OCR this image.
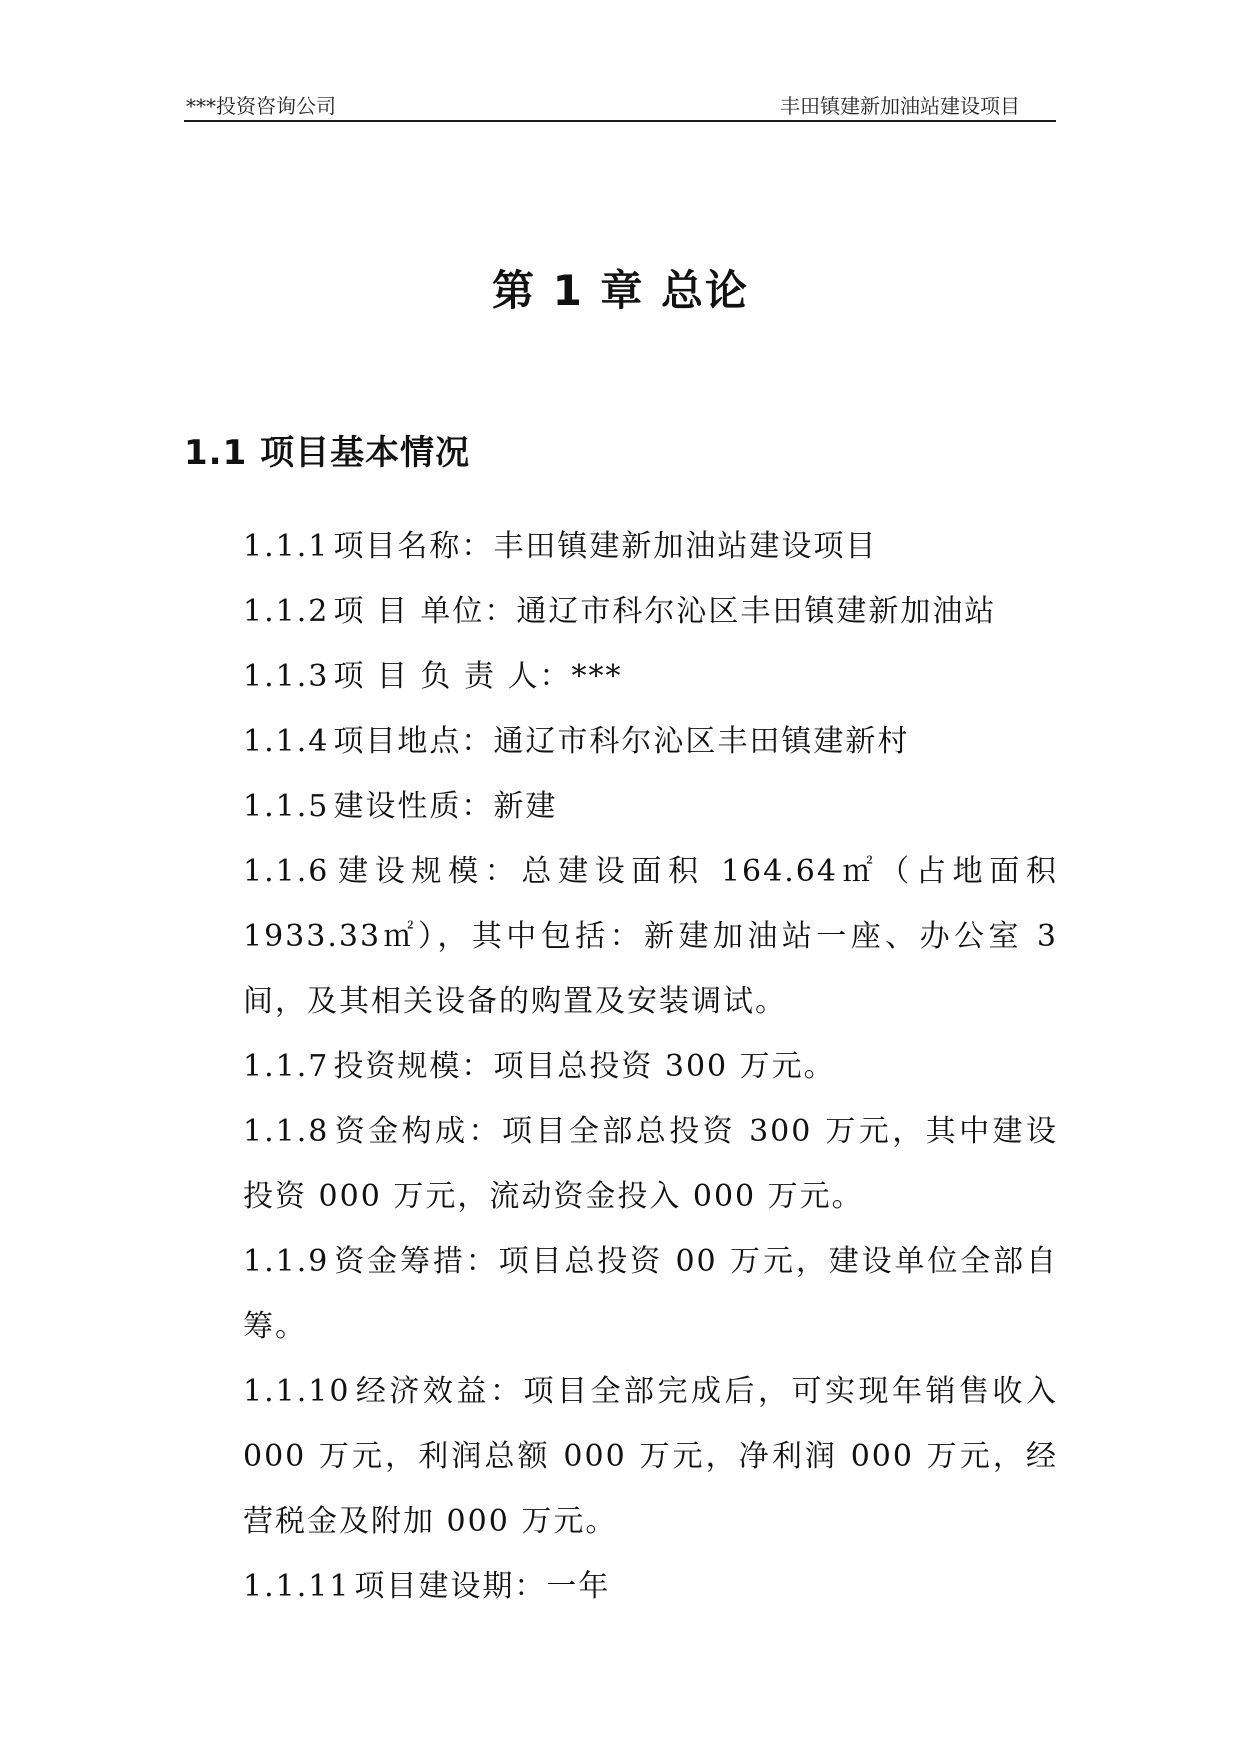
***投资咨询公司	丰田镇建新加油站建设项目
第 1 章 总论
1.1 项目基本情况

1.1.1 项目名称：丰田镇建新加油站建设项目

1.1.2 项 目 单位：通辽市科尔沁区丰田镇建新加油站

1.1.3 项 目 负 责 人：***

1.1.4 项目地点：通辽市科尔沁区丰田镇建新村

1.1.5 建设性质：新建

1.1.6 建设规模：总建设面积 164.64㎡（占地面积 1933.33㎡），其中包括：新建加油站一座、办公室 3 间，及其相关设备的购置及安装调试。

1.1.7 投资规模：项目总投资 300 万元。

1.1.8 资金构成：项目全部总投资 300 万元，其中建设投资 000 万元，流动资金投入 000 万元。

1.1.9 资金筹措：项目总投资 00 万元，建设单位全部自筹。

1.1.10 经济效益：项目全部完成后，可实现年销售收入 000 万元，利润总额 000 万元，净利润 000 万元，经营税金及附加 000 万元。

1.1.11 项目建设期：一年
